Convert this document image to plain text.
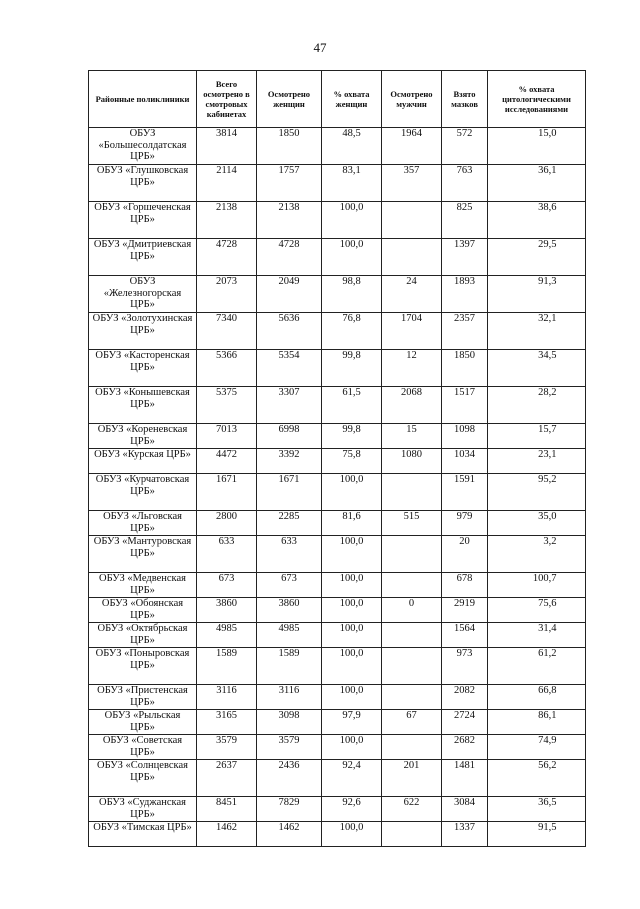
47
Районные поликлиники	Всего осмотрено в смотровых кабинетах	Осмотрено женщин	% охвата женщин	Осмотрено мужчин	Взято мазков	% охвата цитологическими исследованиями
ОБУЗ «Большесолдатская ЦРБ»	3814	1850	48,5	1964	572	15,0
ОБУЗ «Глушковская ЦРБ»	2114	1757	83,1	357	763	36,1
ОБУЗ «Горшеченская ЦРБ»	2138	2138	100,0		825	38,6
ОБУЗ «Дмитриевская ЦРБ»	4728	4728	100,0		1397	29,5
ОБУЗ «Железногорская ЦРБ»	2073	2049	98,8	24	1893	91,3
ОБУЗ «Золотухинская ЦРБ»	7340	5636	76,8	1704	2357	32,1
ОБУЗ «Касторенская ЦРБ»	5366	5354	99,8	12	1850	34,5
ОБУЗ «Конышевская ЦРБ»	5375	3307	61,5	2068	1517	28,2
ОБУЗ «Кореневская ЦРБ»	7013	6998	99,8	15	1098	15,7
ОБУЗ «Курская ЦРБ»	4472	3392	75,8	1080	1034	23,1
ОБУЗ «Курчатовская ЦРБ»	1671	1671	100,0		1591	95,2
ОБУЗ «Льговская ЦРБ»	2800	2285	81,6	515	979	35,0
ОБУЗ «Мантуровская ЦРБ»	633	633	100,0		20	3,2
ОБУЗ «Медвенская ЦРБ»	673	673	100,0		678	100,7
ОБУЗ «Обоянская ЦРБ»	3860	3860	100,0	0	2919	75,6
ОБУЗ «Октябрьская ЦРБ»	4985	4985	100,0		1564	31,4
ОБУЗ «Поныровская ЦРБ»	1589	1589	100,0		973	61,2
ОБУЗ «Пристенская ЦРБ»	3116	3116	100,0		2082	66,8
ОБУЗ «Рыльская ЦРБ»	3165	3098	97,9	67	2724	86,1
ОБУЗ «Советская ЦРБ»	3579	3579	100,0		2682	74,9
ОБУЗ «Солнцевская ЦРБ»	2637	2436	92,4	201	1481	56,2
ОБУЗ «Суджанская ЦРБ»	8451	7829	92,6	622	3084	36,5
ОБУЗ «Тимская ЦРБ»	1462	1462	100,0		1337	91,5
